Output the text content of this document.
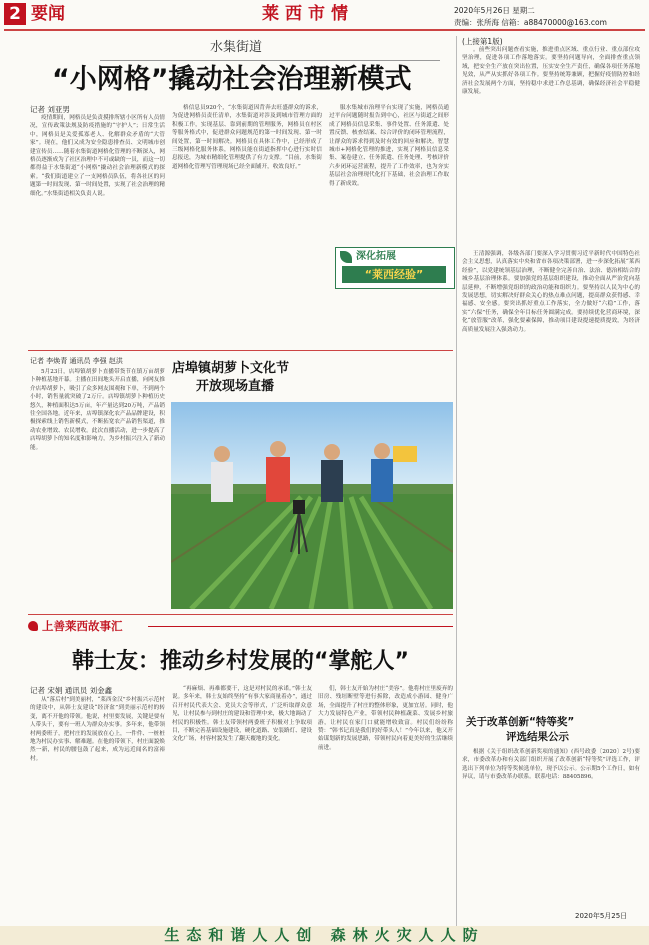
2 要闻	莱西市情	2020年5月26日 星期二
责编：张所海 信箱：a88470000@163.com
水集街道
“小网格”撬动社会治理新模式
记者 刘亚男

疫情期间，网格员是负责摸排所辖小区所有人员情况，宣传政策法规及防疫措施的“守护人”；日常生活中，网格员是关爱孤寡老人、化解群众矛盾的“大管家”。现在，他们又成为安全隐患排查员、文明城市创建宣传员……随着水集街道网格化管理的不断深入，网格员逐渐成为了社区治理中不可或缺的一员，而这一切都得益于水集街道“小网格”撬动社会治理新模式的探索。“我们街道建立了一支网格员队伍，将各社区的问题第一时间发现、第一时间处置，实现了社会治理的精细化。”水集街道相关负责人说。

格信息员920个，“水集街道因背奔去旺盛群众的诉求，为促进网格员责任清单，水集街道对涉及到城市管理方面的积极工作，实现基层、靠到前期的管理服务，网格员在村区等服务格式中，促进群众问题规范的第一时间发现、第一时间处置，第一时间解决。网格员在具体工作中，已经形成了三级网格化服务体系，网格员能在街道指挥中心进行实时信息报送，为城市精细化管理提供了有力支撑。“目前，水集街道网格化管理写管理现场已经全面铺开，收效良好。”

服水集城市治理平台实现了实施，网格员通过平台问题随时报告到中心，社区与街道之间形成了网格员信息采集、事件处置、任务派遣、处置反馈、核查结案、综合评价的闭环管理流程，让群众的诉求得到及时有效的回应和解决。智慧城市+网格化管理的推进，实现了网格员信息采集、案卷建立、任务派遣、任务处理、考核评价六步闭环运营流程，提升了工作效率，也为夯实基层社会治理现代化打下基础，社会治理工作取得了新成效。

(上接第1版)

。前些突出问题查看实施，推进重点区域、重点行业、重点部位攻坚治理，促进各项工作落地落实。要坚持问题导向，全面排查重点领域，把安全生产放在突出位置，压实安全生产责任，确保各项任务落地见效，从严从实抓好各项工作。要坚持统筹兼顾，把握好疫情防控和经济社会发展两个方面，坚持稳中求进工作总基调，确保经济社会平稳健康发展。

深化拓展
“莱西经验”

王清源强调，各级各部门要深入学习贯彻习近平新时代中国特色社会主义思想，认真落实中央和省市各项决策部署，进一步深化拓展“莱西经验”，以党建统领基层治理，不断健全完善自治、法治、德治相结合的城乡基层治理体系。要加强党的基层组织建设，推动全面从严治党向基层延伸，不断增强党组织的政治功能和组织力。要坚持以人民为中心的发展思想，切实解决好群众关心的热点难点问题，提高群众获得感、幸福感、安全感。要突出抓好重点工作落实，全力做好“六稳”工作，落实“六保”任务，确保全年目标任务圆满完成。要持续优化营商环境，深化“放管服”改革，强化要素保障，推动项目建设提速提质提效，为经济高质量发展注入强劲动力。

关于改革创新“特等奖”
评选结果公示

根据《关于组织改革创新奖项的通知》(西号政委〔2020〕2号)要求，市委改革办和有关部门组织开展了改革创新“特等奖”评选工作，评选出下列单位为特等奖候选单位，现予以公示。公示期5个工作日，如有异议，请与市委改革办联系。联系电话：88405896。

2020年5月25日
记者 李焕青 通讯员 李强 赵洪

5月23日，店埠镇胡萝卜直播带货节在镇万亩胡萝卜种植基地开幕。主播在田间地头开启直播，向网友推介店埠胡萝卜，吸引了众多网友围观和下单，不到两个小时，销售量就突破了2万斤。店埠镇胡萝卜种植历史悠久，种植面积达5万亩，年产量达到20万吨，产品销往全国各地。近年来，店埠镇深化农产品品牌建设，积极探索线上销售新模式，不断拓宽农产品销售渠道，推动农业增效、农民增收。此次直播活动，进一步提高了店埠胡萝卜的知名度和影响力，为乡村振兴注入了新动能。

店埠镇胡萝卜文化节
开放现场直播
上善莱西故事汇
韩士友：推动乡村发展的“掌舵人”
记者 宋娟 通讯员 刘金鑫

从“落后村”到美丽村，“莱西金汉”乡村振兴示范村的建设中，从韩士友建设“经济盆”到美丽示范村的转变，离不开他的带领。他说，村里要发展，关键是要有人带头干，要有一班人为群众办实事。多年来，他带领村两委班子，把村庄的发展放在心上，一件件、一桩桩地为村民办实事、解难题。在他的带领下，村庄面貌焕然一新，村民的腰包鼓了起来，成为远近闻名的富裕村。

“再麻烦、再难都要干，这是对村民的承诺。”韩士友说。多年来，韩士友始终坚持“有事大家商量着办”，通过召开村民代表大会、党员大会等形式，广泛听取群众意见，让村民参与到村庄的建设和管理中来，极大地调动了村民的积极性。韩士友带领村两委班子积极对上争取项目，不断完善基础设施建设，硬化道路、安装路灯、建设文化广场，村容村貌发生了翻天覆地的变化。

们，韩士友开始为村庄“美容”。他将村庄里废弃的旧房、残垣断壁等进行拆除，改造成小游园、健身广场，全面提升了村庄的整体形象，更加宜居。同时，他大力发展特色产业，带领村民种植蔬菜、发展乡村旅游，让村民在家门口就能增收致富。村民们纷纷称赞：“韩书记真是我们的好带头人！”今年以来，他又开始谋划新的发展思路，带领村民向着更美好的生活继续前进。

生态和谐人人创 森林火灾人人防
